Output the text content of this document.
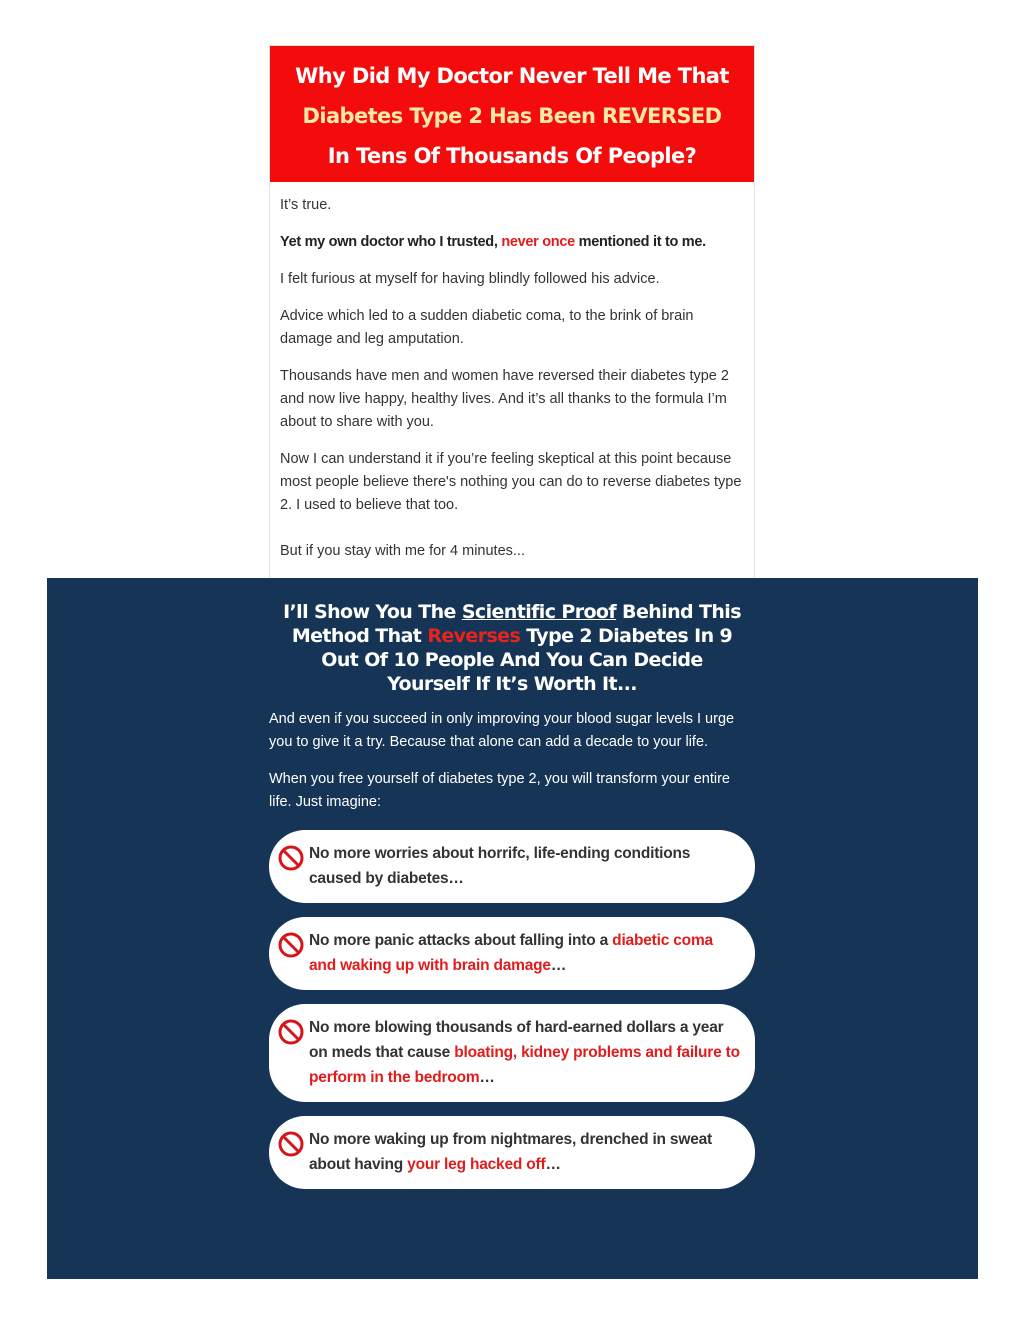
Why Did My Doctor Never Tell Me That
Diabetes Type 2 Has Been REVERSED
In Tens Of Thousands Of People?

It’s true.

Yet my own doctor who I trusted, never once mentioned it to me.

I felt furious at myself for having blindly followed his advice.

Advice which led to a sudden diabetic coma, to the brink of brain damage and leg amputation.

Thousands have men and women have reversed their diabetes type 2 and now live happy, healthy lives. And it’s all thanks to the formula I’m about to share with you.

Now I can understand it if you’re feeling skeptical at this point because most people believe there's nothing you can do to reverse diabetes type 2. I used to believe that too.

But if you stay with me for 4 minutes...

I’ll Show You The Scientific Proof Behind This
Method That Reverses Type 2 Diabetes In 9
Out Of 10 People And You Can Decide
Yourself If It’s Worth It...

And even if you succeed in only improving your blood sugar levels I urge you to give it a try. Because that alone can add a decade to your life.

When you free yourself of diabetes type 2, you will transform your entire life. Just imagine:

No more worries about horrifc, life-ending conditions caused by diabetes…
No more panic attacks about falling into a diabetic coma and waking up with brain damage…
No more blowing thousands of hard-earned dollars a year on meds that cause bloating, kidney problems and failure to perform in the bedroom…
No more waking up from nightmares, drenched in sweat about having your leg hacked off…
